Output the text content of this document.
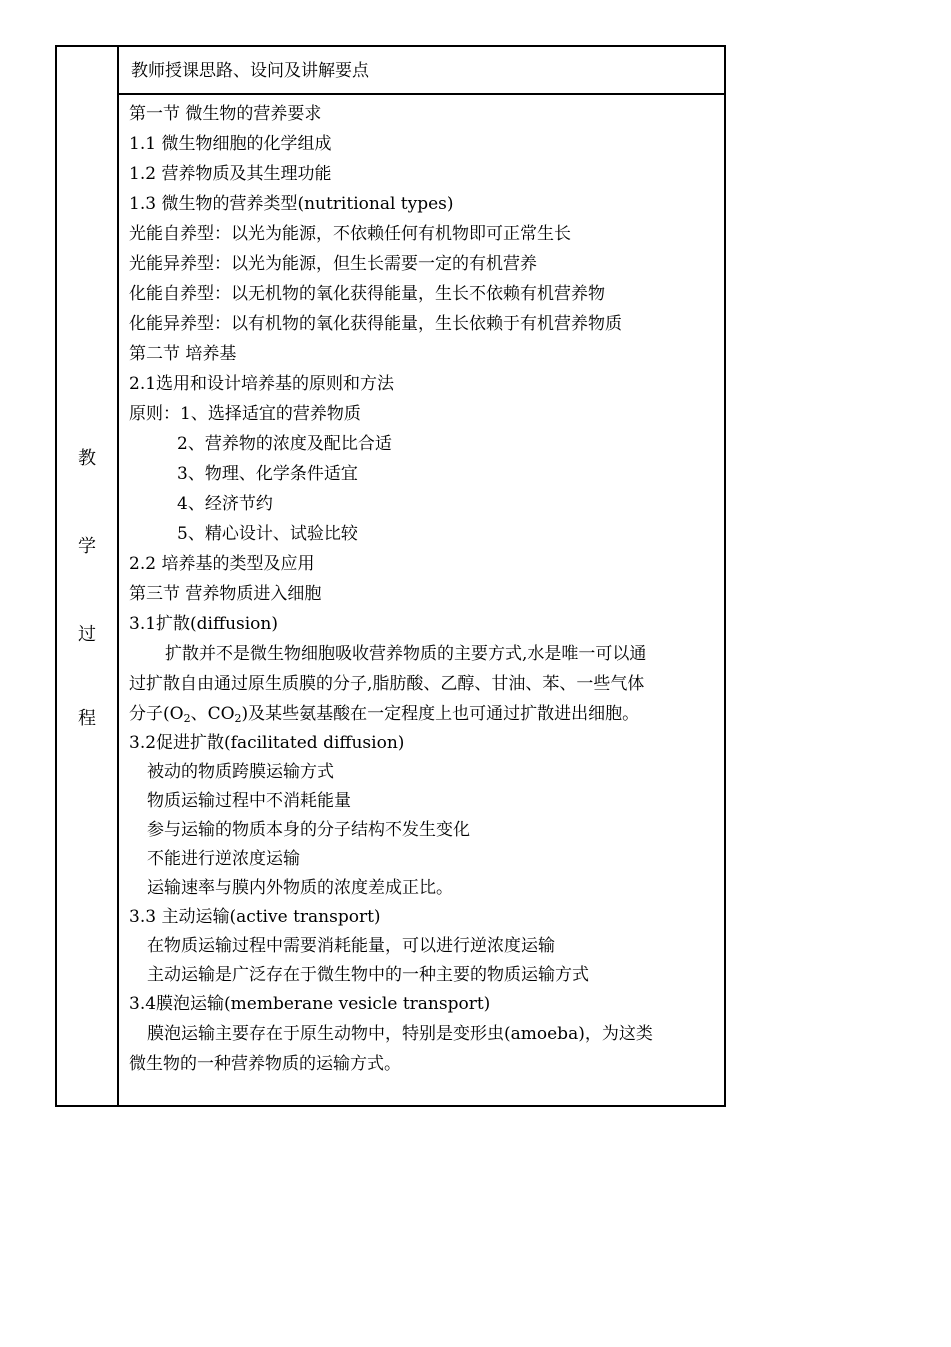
教
学
过
程
教师授课思路、设问及讲解要点
第一节 微生物的营养要求
1.1 微生物细胞的化学组成
1.2 营养物质及其生理功能
1.3 微生物的营养类型(nutritional types)
光能自养型：以光为能源，不依赖任何有机物即可正常生长
光能异养型：以光为能源，但生长需要一定的有机营养
化能自养型：以无机物的氧化获得能量，生长不依赖有机营养物
化能异养型：以有机物的氧化获得能量，生长依赖于有机营养物质
第二节 培养基
2.1选用和设计培养基的原则和方法
原则：1、选择适宜的营养物质
2、营养物的浓度及配比合适
3、物理、化学条件适宜
4、经济节约
5、精心设计、试验比较
2.2 培养基的类型及应用
第三节 营养物质进入细胞
3.1扩散(diffusion)
扩散并不是微生物细胞吸收营养物质的主要方式,水是唯一可以通
过扩散自由通过原生质膜的分子,脂肪酸、乙醇、甘油、苯、一些气体
分子($O_2$、$CO_2$)及某些氨基酸在一定程度上也可通过扩散进出细胞。
3.2促进扩散(facilitated diffusion)
被动的物质跨膜运输方式
物质运输过程中不消耗能量
参与运输的物质本身的分子结构不发生变化
不能进行逆浓度运输
运输速率与膜内外物质的浓度差成正比。
3.3 主动运输(active transport)
在物质运输过程中需要消耗能量，可以进行逆浓度运输
主动运输是广泛存在于微生物中的一种主要的物质运输方式
3.4膜泡运输(memberane vesicle transport)
膜泡运输主要存在于原生动物中，特别是变形虫(amoeba)，为这类
微生物的一种营养物质的运输方式。
